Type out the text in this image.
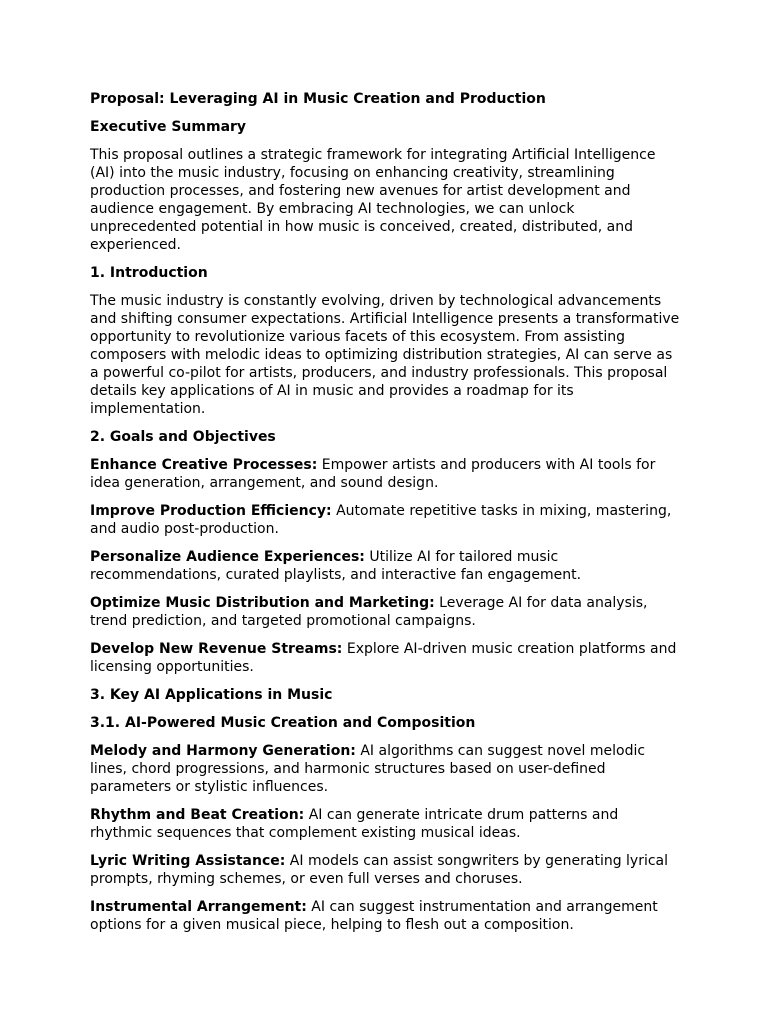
Proposal: Leveraging AI in Music Creation and Production
Executive Summary
This proposal outlines a strategic framework for integrating Artificial Intelligence (AI) into the music industry, focusing on enhancing creativity, streamlining production processes, and fostering new avenues for artist development and audience engagement. By embracing AI technologies, we can unlock unprecedented potential in how music is conceived, created, distributed, and experienced.
1. Introduction
The music industry is constantly evolving, driven by technological advancements and shifting consumer expectations. Artificial Intelligence presents a transformative opportunity to revolutionize various facets of this ecosystem. From assisting composers with melodic ideas to optimizing distribution strategies, AI can serve as a powerful co-pilot for artists, producers, and industry professionals. This proposal details key applications of AI in music and provides a roadmap for its implementation.
2. Goals and Objectives
Enhance Creative Processes: Empower artists and producers with AI tools for idea generation, arrangement, and sound design.
Improve Production Efficiency: Automate repetitive tasks in mixing, mastering, and audio post-production.
Personalize Audience Experiences: Utilize AI for tailored music recommendations, curated playlists, and interactive fan engagement.
Optimize Music Distribution and Marketing: Leverage AI for data analysis, trend prediction, and targeted promotional campaigns.
Develop New Revenue Streams: Explore AI-driven music creation platforms and licensing opportunities.
3. Key AI Applications in Music
3.1. AI-Powered Music Creation and Composition
Melody and Harmony Generation: AI algorithms can suggest novel melodic lines, chord progressions, and harmonic structures based on user-defined parameters or stylistic influences.
Rhythm and Beat Creation: AI can generate intricate drum patterns and rhythmic sequences that complement existing musical ideas.
Lyric Writing Assistance: AI models can assist songwriters by generating lyrical prompts, rhyming schemes, or even full verses and choruses.
Instrumental Arrangement: AI can suggest instrumentation and arrangement options for a given musical piece, helping to flesh out a composition.
